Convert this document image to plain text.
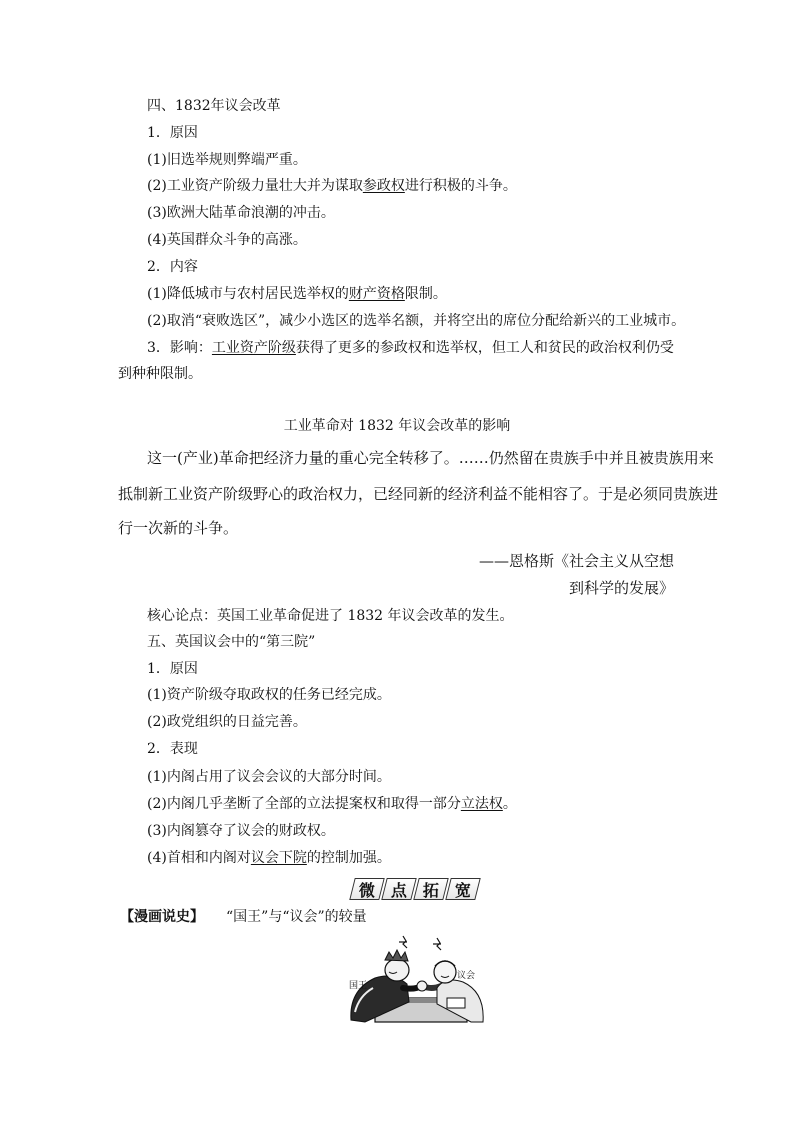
四、1832年议会改革
1．原因
(1)旧选举规则弊端严重。
(2)工业资产阶级力量壮大并为谋取参政权进行积极的斗争。
(3)欧洲大陆革命浪潮的冲击。
(4)英国群众斗争的高涨。
2．内容
(1)降低城市与农村居民选举权的财产资格限制。
(2)取消“衰败选区”，减少小选区的选举名额，并将空出的席位分配给新兴的工业城市。
3．影响：工业资产阶级获得了更多的参政权和选举权，但工人和贫民的政治权利仍受
到种种限制。
工业革命对 1832 年议会改革的影响
这一(产业)革命把经济力量的重心完全转移了。……仍然留在贵族手中并且被贵族用来
抵制新工业资产阶级野心的政治权力，已经同新的经济利益不能相容了。于是必须同贵族进
行一次新的斗争。
——恩格斯《社会主义从空想
到科学的发展》
核心论点：英国工业革命促进了 1832 年议会改革的发生。
五、英国议会中的“第三院”
1．原因
(1)资产阶级夺取政权的任务已经完成。
(2)政党组织的日益完善。
2．表现
(1)内阁占用了议会会议的大部分时间。
(2)内阁几乎垄断了全部的立法提案权和取得一部分立法权。
(3)内阁篡夺了议会的财政权。
(4)首相和内阁对议会下院的控制加强。
微 点 拓 宽
【漫画说史】 “国王”与“议会”的较量
国王
议会
